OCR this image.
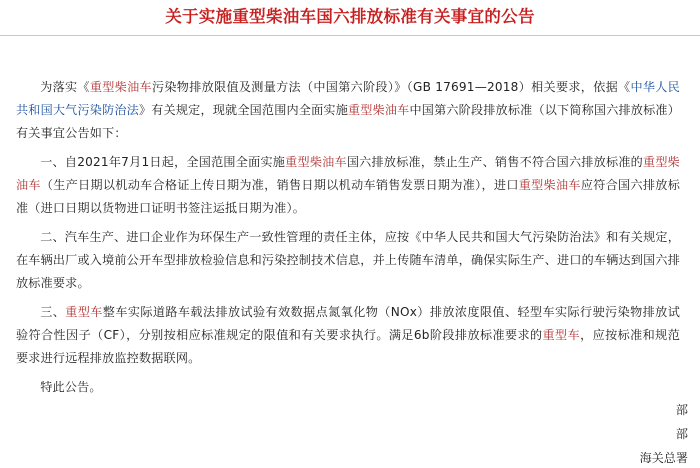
关于实施重型柴油车国六排放标准有关事宜的公告

为落实《重型柴油车污染物排放限值及测量方法（中国第六阶段）》（GB 17691—2018）相关要求，依据《中华人民共和国大气污染防治法》有关规定，现就全国范围内全面实施重型柴油车中国第六阶段排放标准（以下简称国六排放标准）有关事宜公告如下：

一、自2021年7月1日起，全国范围全面实施重型柴油车国六排放标准，禁止生产、销售不符合国六排放标准的重型柴油车（生产日期以机动车合格证上传日期为准，销售日期以机动车销售发票日期为准），进口重型柴油车应符合国六排放标准（进口日期以货物进口证明书签注运抵日期为准）。

二、汽车生产、进口企业作为环保生产一致性管理的责任主体，应按《中华人民共和国大气污染防治法》和有关规定，在车辆出厂或入境前公开车型排放检验信息和污染控制技术信息，并上传随车清单，确保实际生产、进口的车辆达到国六排放标准要求。

三、重型车整车实际道路车载法排放试验有效数据点氮氧化物（NOx）排放浓度限值、轻型车实际行驶污染物排放试验符合性因子（CF），分别按相应标准规定的限值和有关要求执行。满足6b阶段排放标准要求的重型车，应按标准和规范要求进行远程排放监控数据联网。

特此公告。

部
部
海关总署
